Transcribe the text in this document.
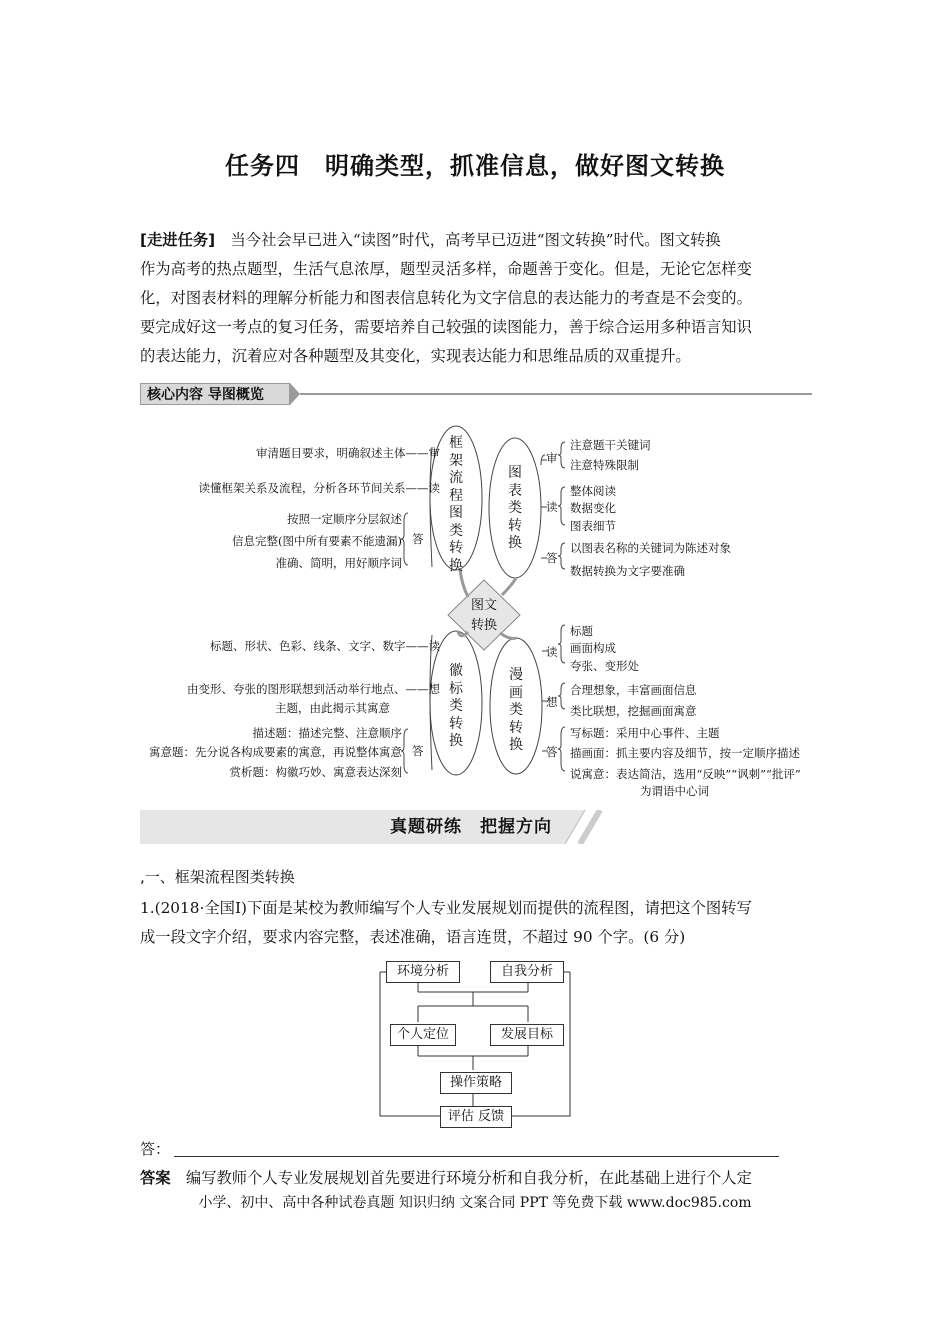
任务四　明确类型，抓准信息，做好图文转换
[走进任务]　 当今社会早已进入“读图”时代，高考早已迈进“图文转换”时代。图文转换
作为高考的热点题型，生活气息浓厚，题型灵活多样，命题善于变化。但是，无论它怎样变
化，对图表材料的理解分析能力和图表信息转化为文字信息的表达能力的考查是不会变的。
要完成好这一考点的复习任务，需要培养自己较强的读图能力，善于综合运用多种语言知识
的表达能力，沉着应对各种题型及其变化，实现表达能力和思维品质的双重提升。
核心内容 导图概览
图文
转换
框架流程图类转换
图表类转换
徽标类转换
漫画类转换
审清题目要求，明确叙述主体——审
读懂框架关系及流程，分析各环节间关系——读
按照一定顺序分层叙述
信息完整(图中所有要素不能遗漏)
准确、简明，用好顺序词
答
审
注意题干关键词
注意特殊限制
读
整体阅读
数据变化
图表细节
答
以图表名称的关键词为陈述对象
数据转换为文字要准确
标题、形状、色彩、线条、文字、数字——读
由变形、夸张的图形联想到活动举行地点、——想
主题，由此揭示其寓意
描述题：描述完整、注意顺序
寓意题：先分说各构成要素的寓意，再说整体寓意
赏析题：构徽巧妙、寓意表达深刻
答
读
标题
画面构成
夸张、变形处
想
合理想象，丰富画面信息
类比联想，挖掘画面寓意
答
写标题：采用中心事件、主题
描画面：抓主要内容及细节，按一定顺序描述
说寓意：表达简洁，选用“反映”“讽刺”“批评”
为谓语中心词
真题研练　把握方向
,一、框架流程图类转换
1.(2018·全国Ⅰ)下面是某校为教师编写个人专业发展规划而提供的流程图，请把这个图转写
成一段文字介绍，要求内容完整，表述准确，语言连贯，不超过 90 个字。(6 分)
环境分析	自我分析
个人定位	发展目标
操作策略
评估 反馈
答：
答案　编写教师个人专业发展规划首先要进行环境分析和自我分析，在此基础上进行个人定
小学、初中、高中各种试卷真题 知识归纳 文案合同 PPT 等免费下载 www.doc985.com
